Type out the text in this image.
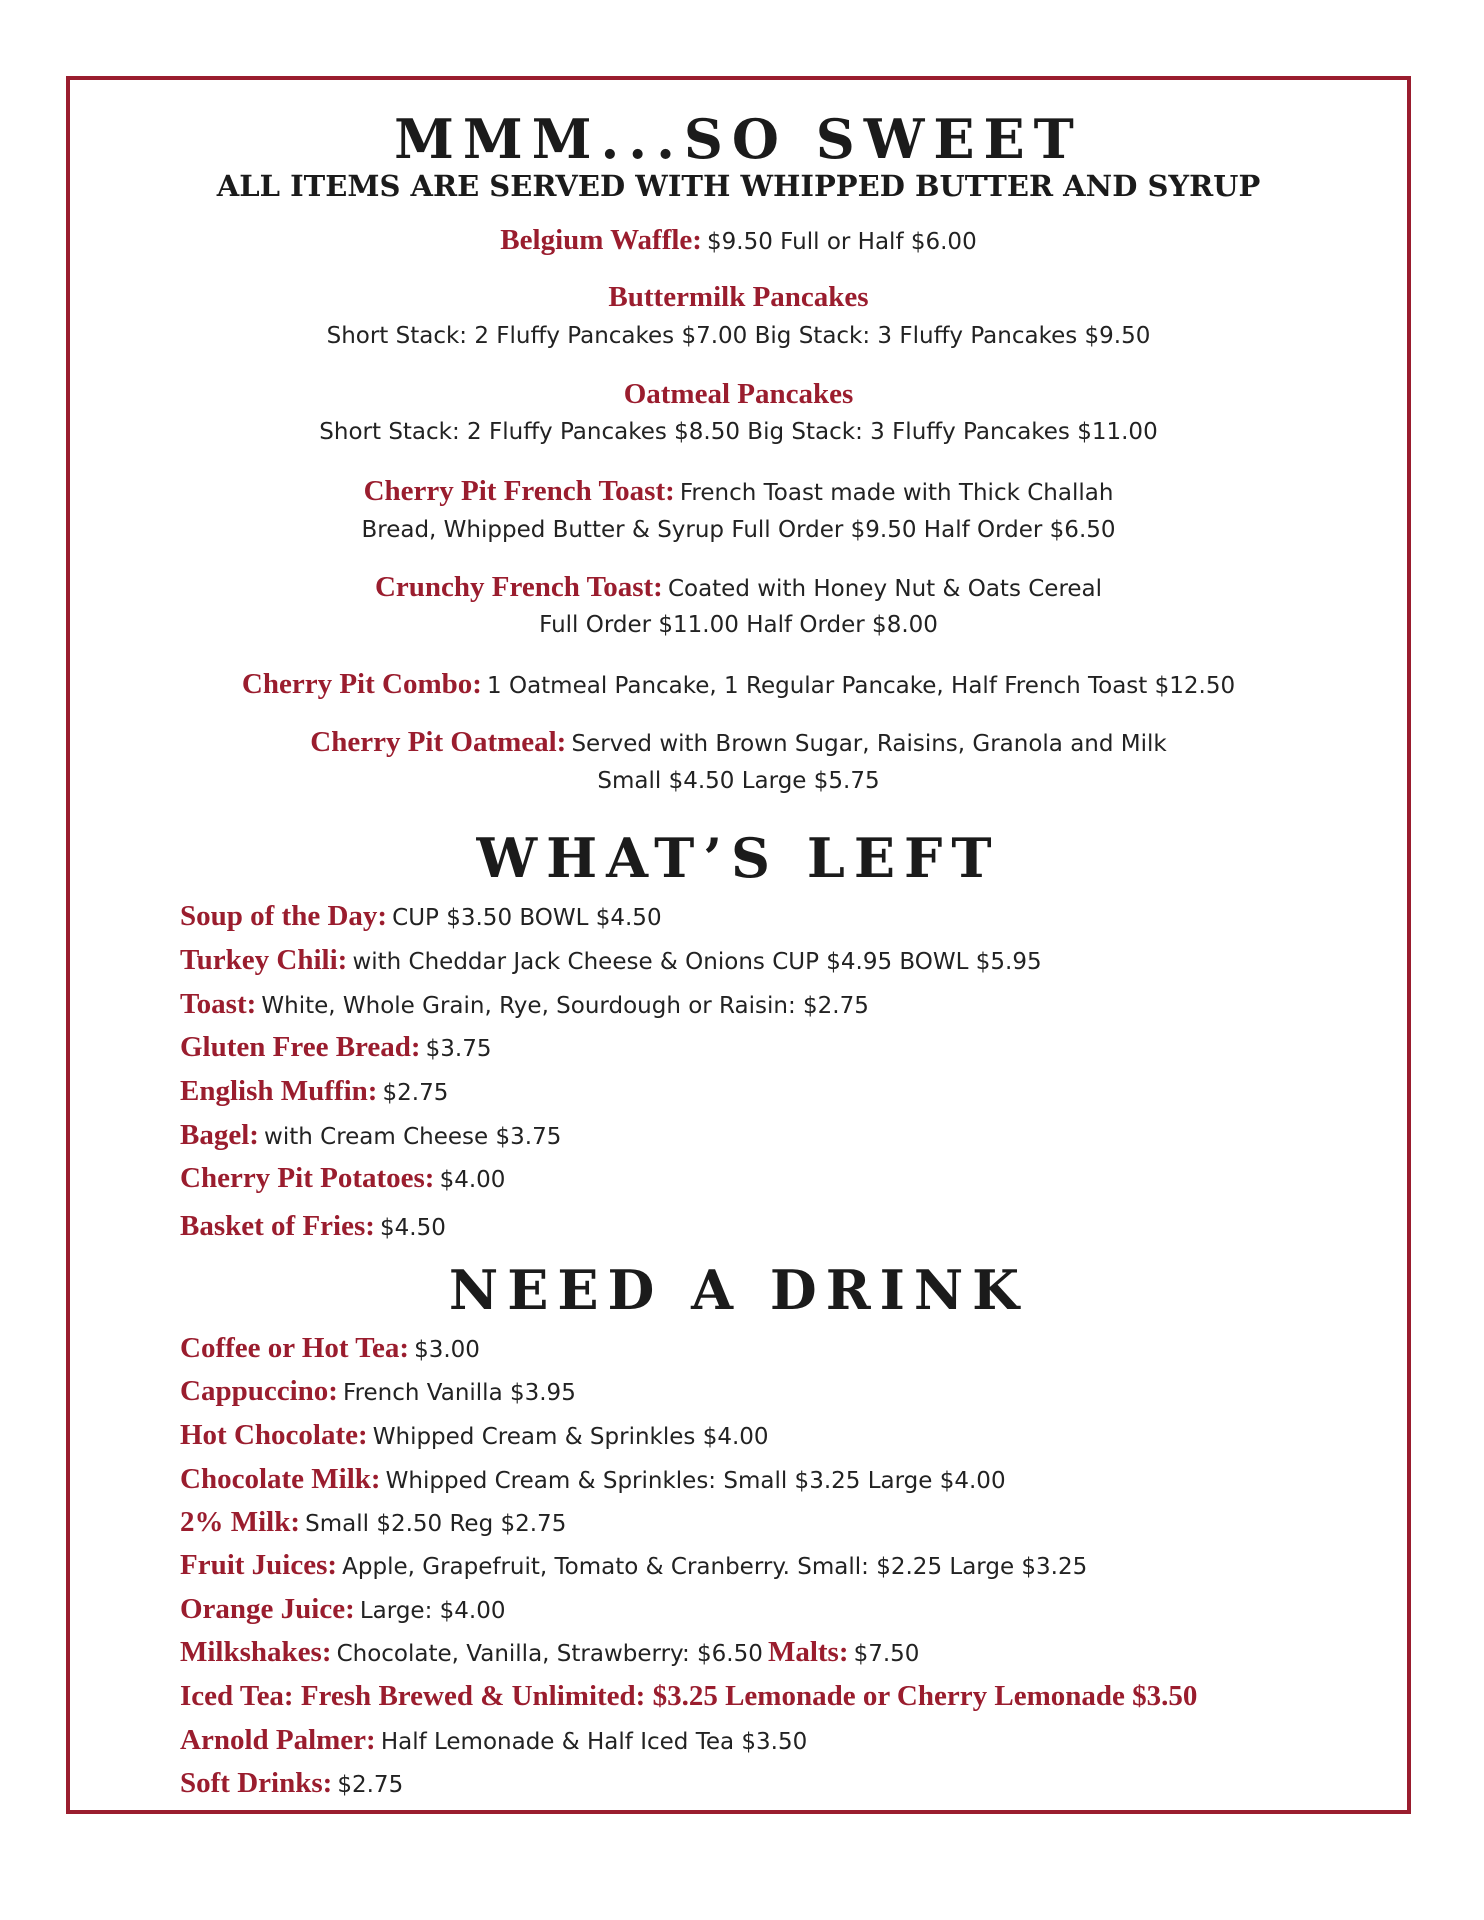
MMM...SO SWEET
ALL ITEMS ARE SERVED WITH WHIPPED BUTTER AND SYRUP
Belgium Waffle: $9.50 Full or Half $6.00
Buttermilk Pancakes
Short Stack: 2 Fluffy Pancakes $7.00 Big Stack: 3 Fluffy Pancakes $9.50
Oatmeal Pancakes
Short Stack: 2 Fluffy Pancakes $8.50 Big Stack: 3 Fluffy Pancakes $11.00
Cherry Pit French Toast: French Toast made with Thick Challah
Bread, Whipped Butter & Syrup Full Order $9.50 Half Order $6.50
Crunchy French Toast: Coated with Honey Nut & Oats Cereal
Full Order $11.00 Half Order $8.00
Cherry Pit Combo: 1 Oatmeal Pancake, 1 Regular Pancake, Half French Toast $12.50
Cherry Pit Oatmeal: Served with Brown Sugar, Raisins, Granola and Milk
Small $4.50 Large $5.75
WHAT’S LEFT
Soup of the Day: CUP $3.50 BOWL $4.50
Turkey Chili: with Cheddar Jack Cheese & Onions CUP $4.95 BOWL $5.95
Toast: White, Whole Grain, Rye, Sourdough or Raisin: $2.75
Gluten Free Bread: $3.75
English Muffin: $2.75
Bagel: with Cream Cheese $3.75
Cherry Pit Potatoes: $4.00
Basket of Fries: $4.50
NEED A DRINK
Coffee or Hot Tea: $3.00
Cappuccino: French Vanilla $3.95
Hot Chocolate: Whipped Cream & Sprinkles $4.00
Chocolate Milk: Whipped Cream & Sprinkles: Small $3.25 Large $4.00
2% Milk: Small $2.50 Reg $2.75
Fruit Juices: Apple, Grapefruit, Tomato & Cranberry. Small: $2.25 Large $3.25
Orange Juice: Large: $4.00
Milkshakes: Chocolate, Vanilla, Strawberry: $6.50 Malts: $7.50
Iced Tea: Fresh Brewed & Unlimited: $3.25 Lemonade or Cherry Lemonade $3.50
Arnold Palmer: Half Lemonade & Half Iced Tea $3.50
Soft Drinks: $2.75
